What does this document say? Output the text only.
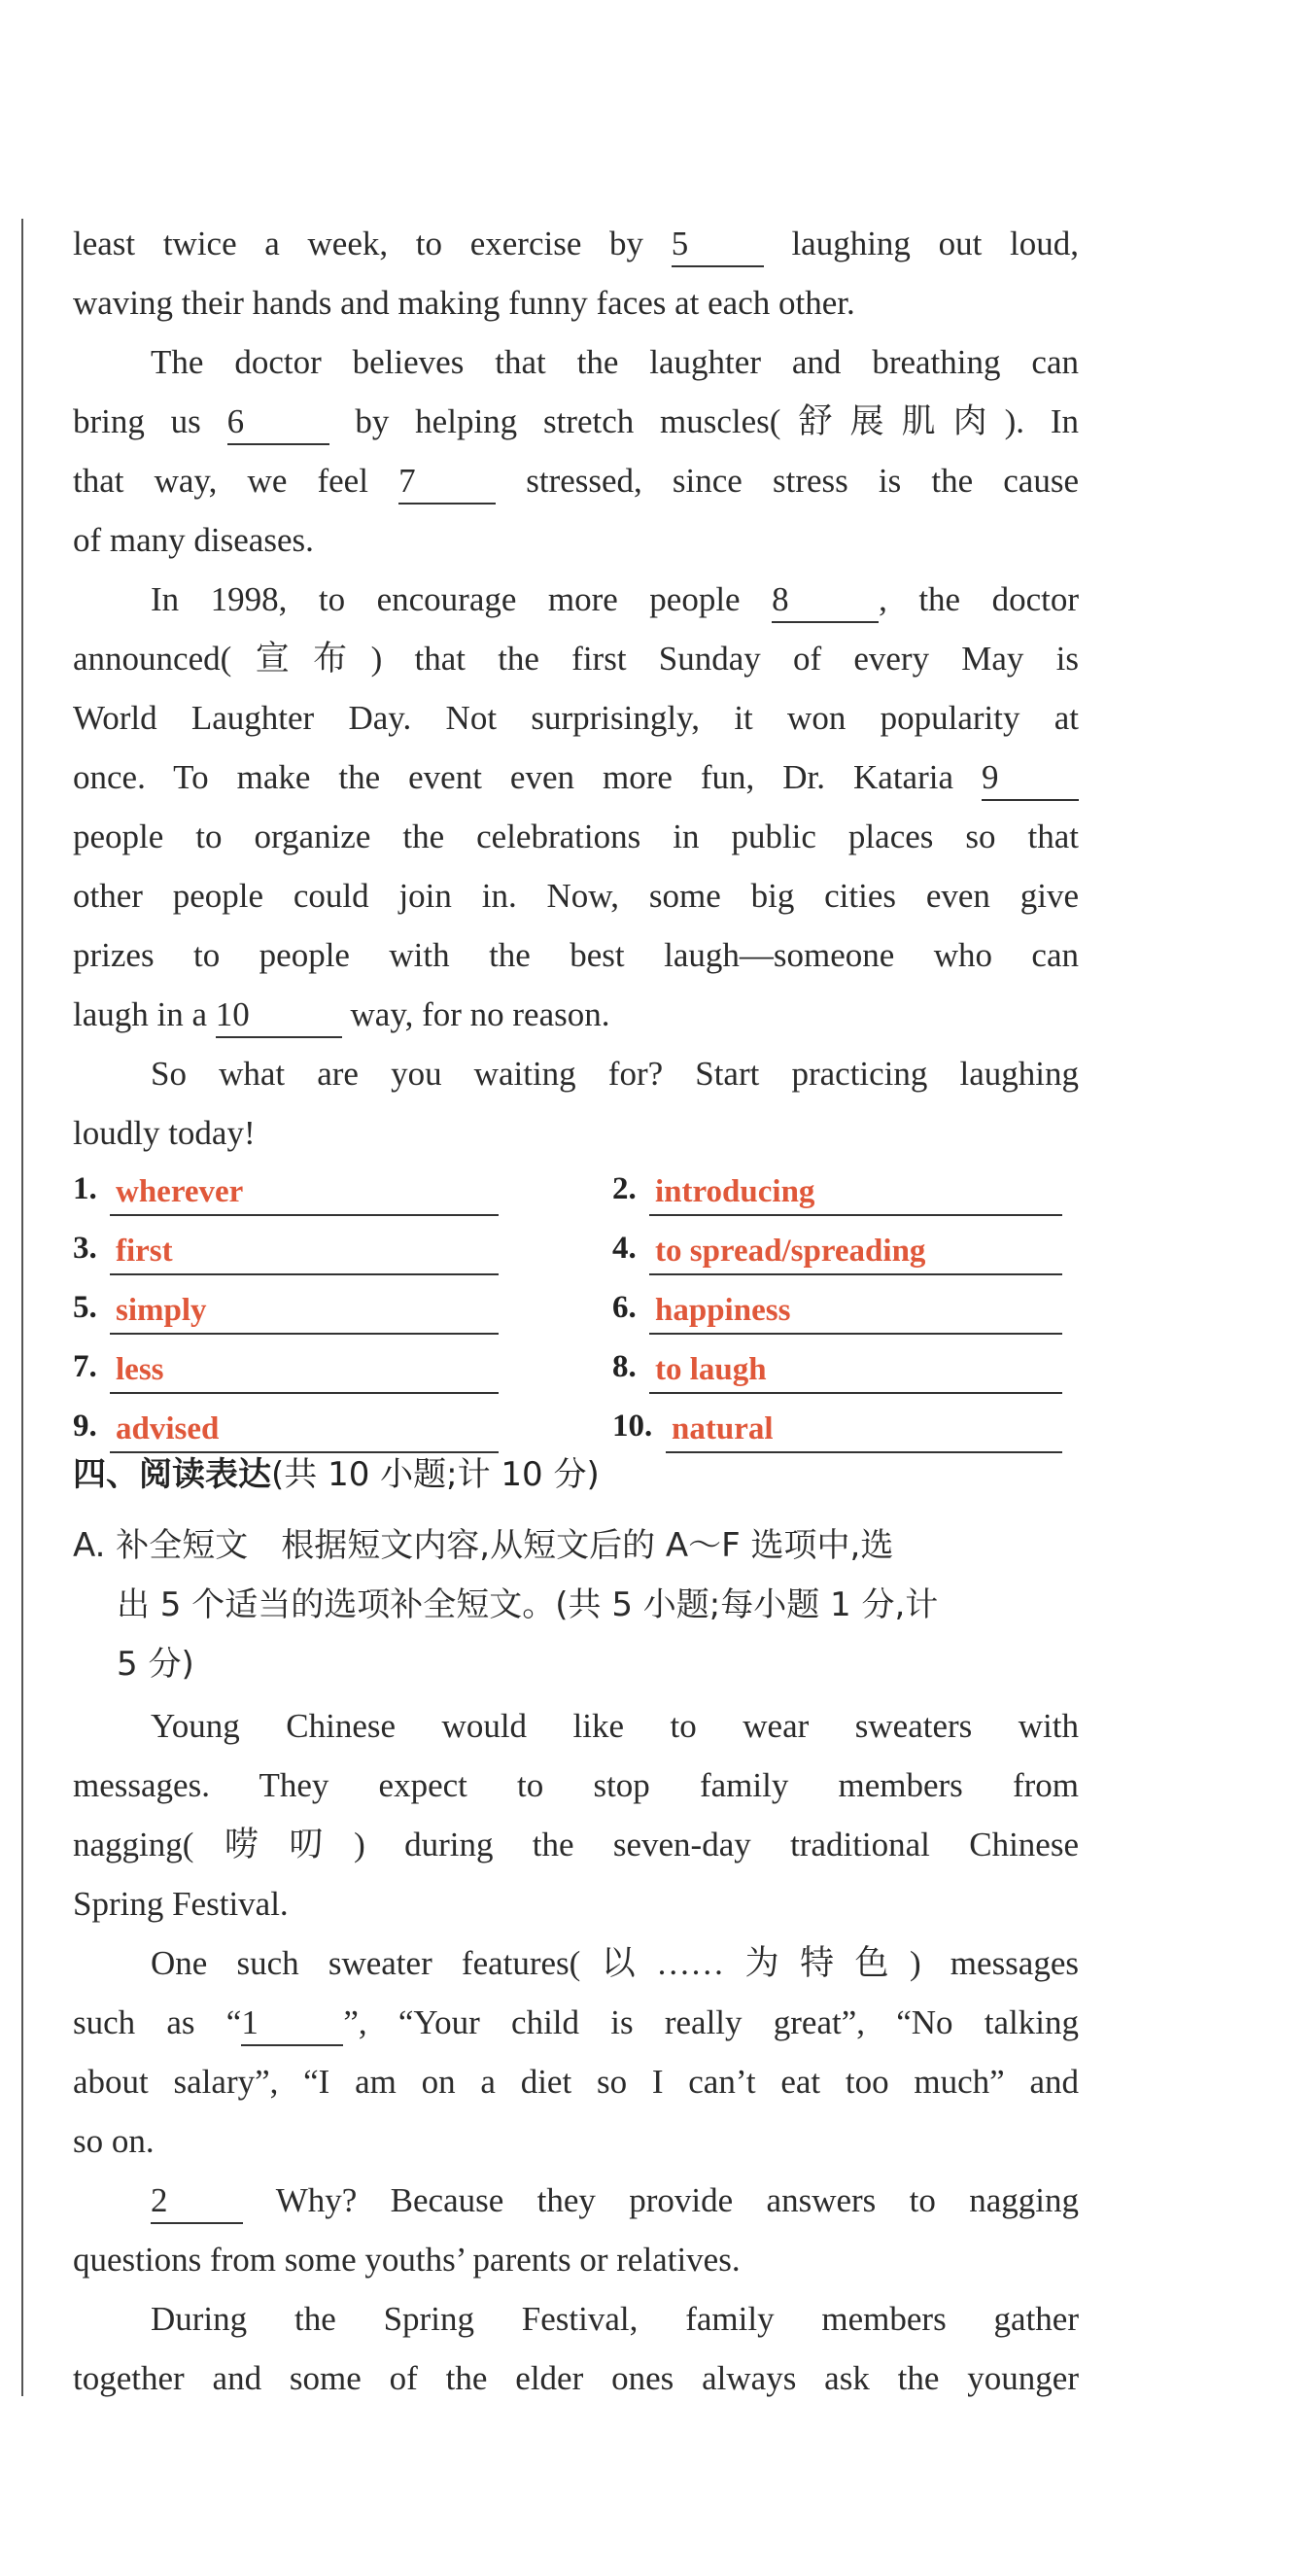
least twice a week, to exercise by 5	laughing out loud,
waving their hands and making funny faces at each other.
The doctor believes that the laughter and breathing can
bring us 6	by helping stretch muscles(舒展肌肉). In
that way, we feel 7	stressed, since stress is the cause
of many diseases.
In 1998, to encourage more people 8	, the doctor
announced(宣布) that the first Sunday of every May is
World Laughter Day. Not surprisingly, it won popularity at
once. To make the event even more fun, Dr. Kataria 9
people to organize the celebrations in public places so that
other people could join in. Now, some big cities even give
prizes to people with the best laugh—someone who can
laugh in a 10	way, for no reason.
So what are you waiting for? Start practicing laughing
loudly today!
1. wherever	2. introducing
3. first	4. to spread/spreading
5. simply	6. happiness
7. less	8. to laugh
9. advised	10. natural
四、阅读表达(共 10 小题;计 10 分)
A. 补全短文　根据短文内容,从短文后的 A～F 选项中,选
出 5 个适当的选项补全短文。(共 5 小题;每小题 1 分,计
5 分)
Young Chinese would like to wear sweaters with
messages. They expect to stop family members from
nagging(唠叨) during the seven-day traditional Chinese
Spring Festival.
One such sweater features(以……为特色) messages
such as “1	”, “Your child is really great”, “No talking
about salary”, “I am on a diet so I can’t eat too much” and
so on.
2	Why? Because they provide answers to nagging
questions from some youths’ parents or relatives.
During the Spring Festival, family members gather
together and some of the elder ones always ask the younger
